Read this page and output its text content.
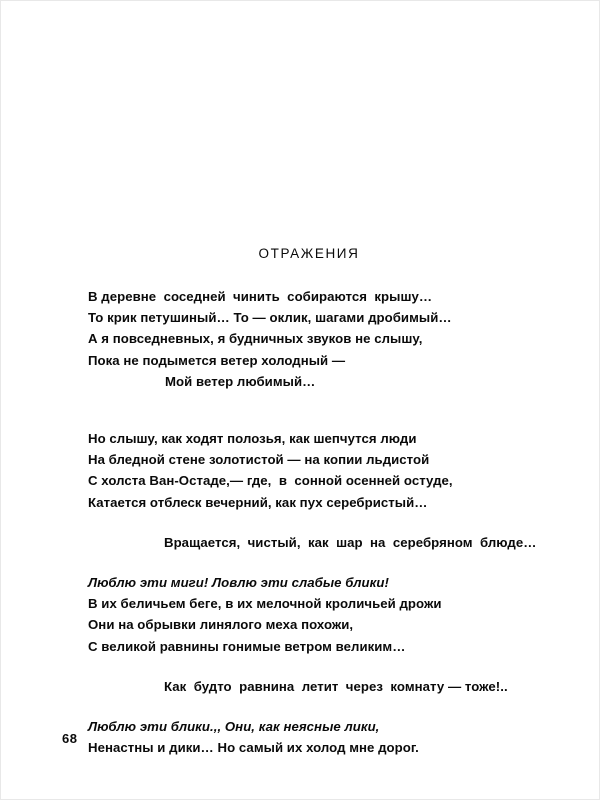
ОТРАЖЕНИЯ
В деревне  соседней  чинить  собираются  крышу…
То крик петушиный… То — оклик, шагами дробимый…
А я повседневных, я будничных звуков не слышу,
Пока не подымется ветер холодный —
Мой ветер любимый…
Но слышу, как ходят полозья, как шепчутся люди
На бледной стене золотистой — на копии льдистой
С холста Ван-Остаде,— где,  в  сонной осенней остуде,
Катается отблеск вечерний, как пух серебристый…
Вращается,  чистый,  как  шар  на  серебряном  блюде…
Люблю эти миги! Ловлю эти слабые блики!
В их беличьем беге, в их мелочной кроличьей дрожи
Они на обрывки линялого меха похожи,
С великой равнины гонимые ветром великим…
Как  будто  равнина  летит  через  комнату — тоже!..
Люблю эти блики.,, Они, как неясные лики,
Ненастны и дики… Но самый их холод мне дорог.
68
